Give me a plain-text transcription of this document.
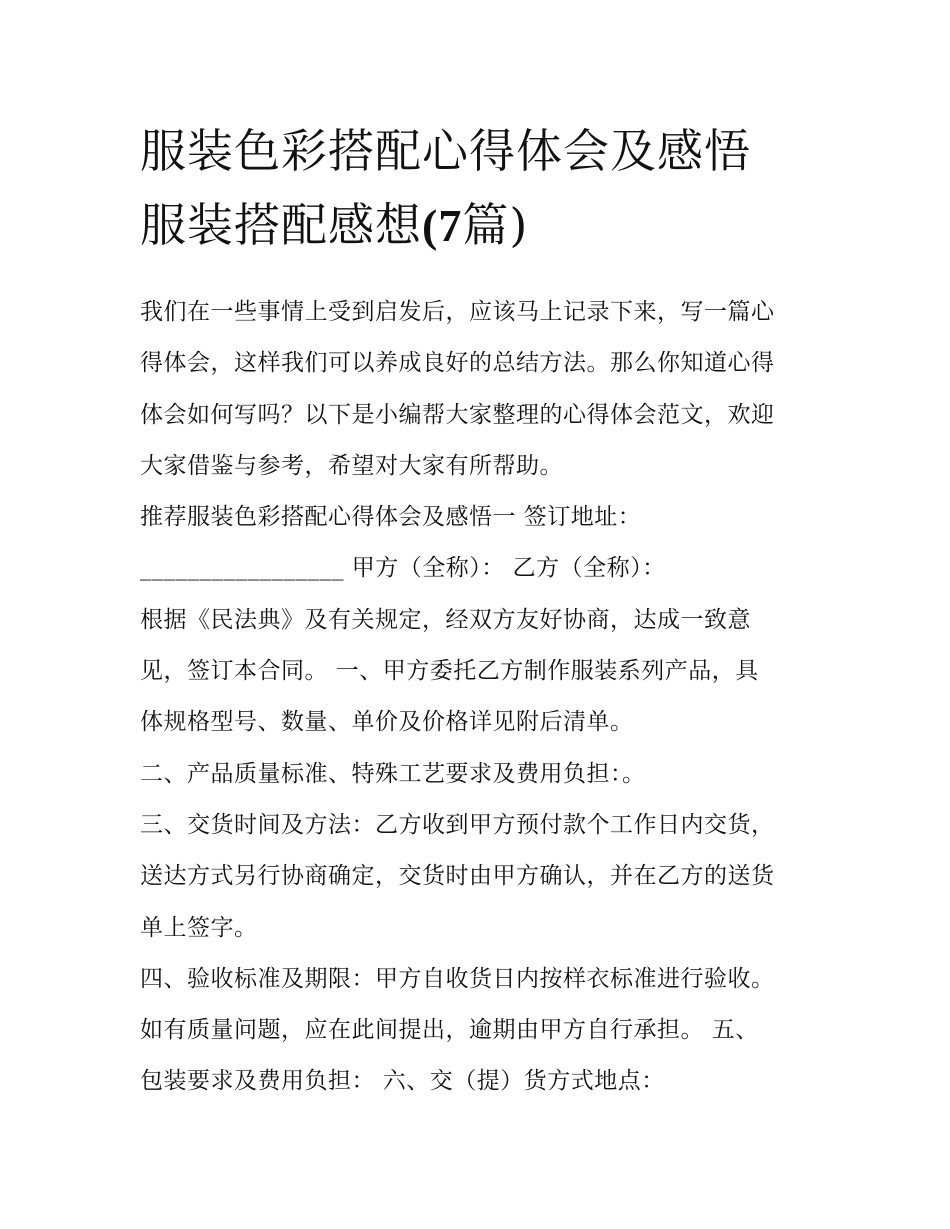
服装色彩搭配心得体会及感悟
服装搭配感想(7篇)

我们在一些事情上受到启发后，应该马上记录下来，写一篇心

得体会，这样我们可以养成良好的总结方法。那么你知道心得

体会如何写吗？以下是小编帮大家整理的心得体会范文，欢迎

大家借鉴与参考，希望对大家有所帮助。

推荐服装色彩搭配心得体会及感悟一 签订地址：

_________________ 甲方（全称）： 乙方（全称）：

根据《民法典》及有关规定，经双方友好协商，达成一致意

见，签订本合同。 一、甲方委托乙方制作服装系列产品，具

体规格型号、数量、单价及价格详见附后清单。

二、产品质量标准、特殊工艺要求及费用负担：。

三、交货时间及方法：乙方收到甲方预付款个工作日内交货，

送达方式另行协商确定，交货时由甲方确认，并在乙方的送货

单上签字。

四、验收标准及期限：甲方自收货日内按样衣标准进行验收。

如有质量问题，应在此间提出，逾期由甲方自行承担。 五、

包装要求及费用负担： 六、交（提）货方式地点：
